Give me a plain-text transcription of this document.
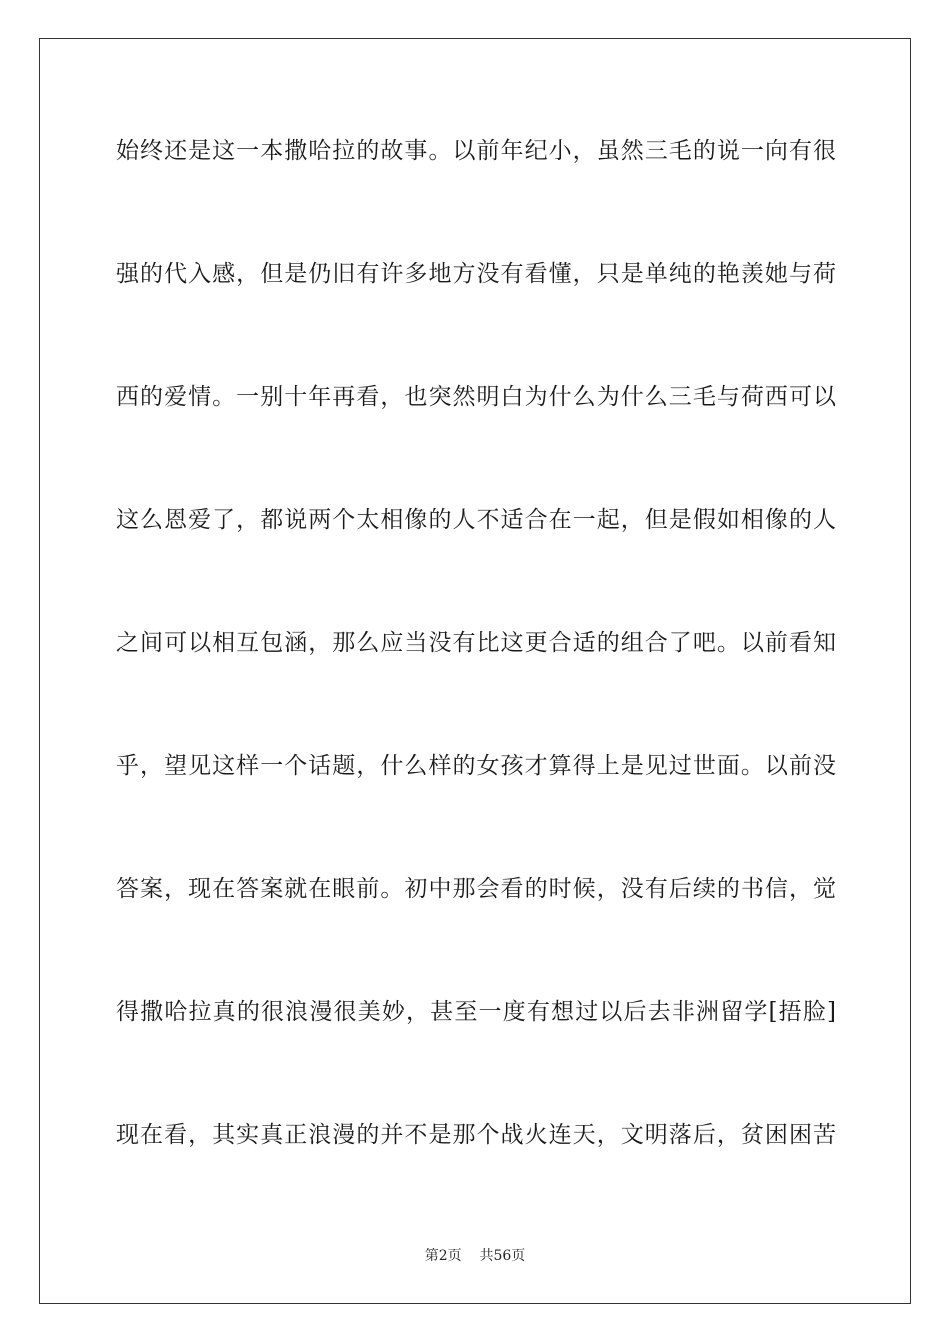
始终还是这一本撒哈拉的故事。以前年纪小，虽然三毛的说一向有很
强的代入感，但是仍旧有许多地方没有看懂，只是单纯的艳羡她与荷
西的爱情。一别十年再看，也突然明白为什么为什么三毛与荷西可以
这么恩爱了，都说两个太相像的人不适合在一起，但是假如相像的人
之间可以相互包涵，那么应当没有比这更合适的组合了吧。以前看知
乎，望见这样一个话题，什么样的女孩才算得上是见过世面。以前没
答案，现在答案就在眼前。初中那会看的时候，没有后续的书信，觉
得撒哈拉真的很浪漫很美妙，甚至一度有想过以后去非洲留学[捂脸]
现在看，其实真正浪漫的并不是那个战火连天，文明落后，贫困困苦
第2页 共56页
